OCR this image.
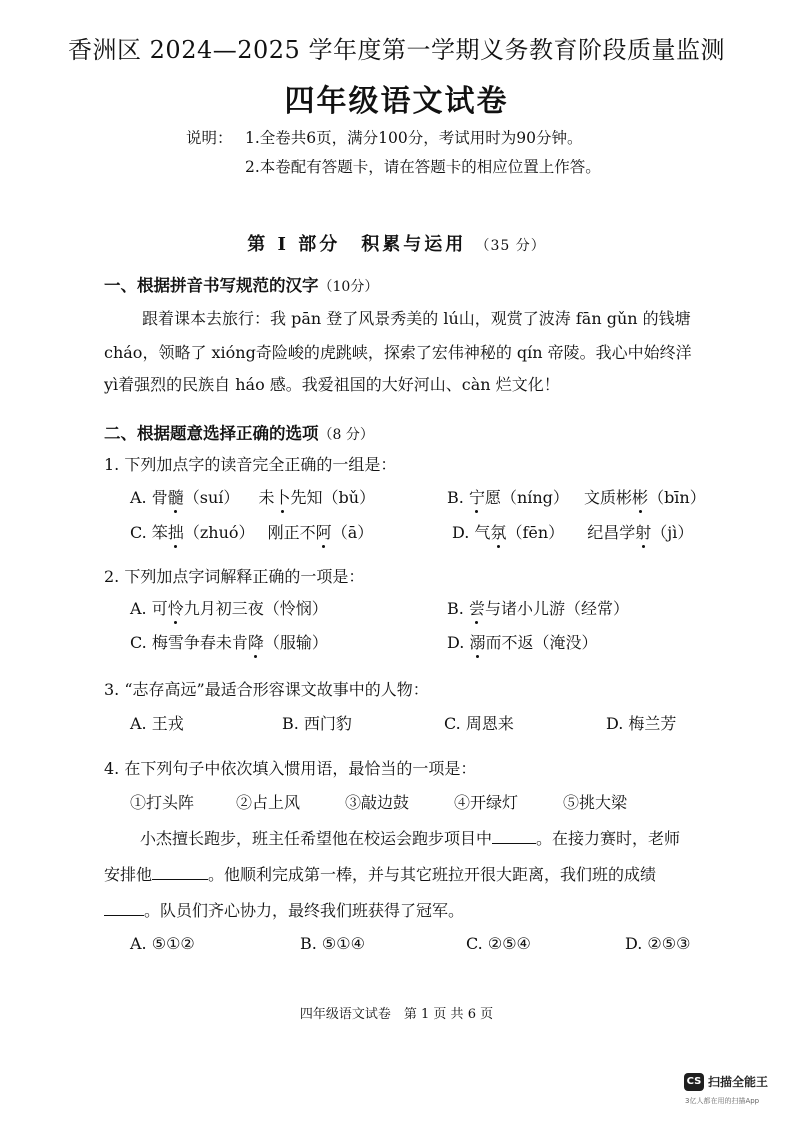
香洲区 2024—2025 学年度第一学期义务教育阶段质量监测
四年级语文试卷
说明： 1.全卷共6页，满分100分，考试用时为90分钟。
2.本卷配有答题卡，请在答题卡的相应位置上作答。
第 Ⅰ 部分　积累与运用 （35 分）
一、根据拼音书写规范的汉字（10分）
跟着课本去旅行：我 pān 登了风景秀美的 lú山，观赏了波涛 fān gǔn 的钱塘
cháo，领略了 xióng奇险峻的虎跳峡，探索了宏伟神秘的 qín 帝陵。我心中始终洋
yì着强烈的民族自 háo 感。我爱祖国的大好河山、càn 烂文化！
二、根据题意选择正确的选项（8 分）
1. 下列加点字的读音完全正确的一组是：
A. 骨髓（suí） 未卜先知（bǔ）	B. 宁愿（níng） 文质彬彬（bīn）
C. 笨拙（zhuó） 刚正不阿（ā）	D. 气氛（fēn） 纪昌学射（jì）
2. 下列加点字词解释正确的一项是：
A. 可怜九月初三夜（怜悯）	B. 尝与诸小儿游（经常）
C. 梅雪争春未肯降（服输）	D. 溺而不返（淹没）
3. “志存高远”最适合形容课文故事中的人物：
A. 王戎	B. 西门豹	C. 周恩来	D. 梅兰芳
4. 在下列句子中依次填入惯用语，最恰当的一项是：
①打头阵	②占上风	③敲边鼓	④开绿灯	⑤挑大梁
小杰擅长跑步，班主任希望他在校运会跑步项目中	。在接力赛时，老师
安排他	。他顺利完成第一棒，并与其它班拉开很大距离，我们班的成绩
。队员们齐心协力，最终我们班获得了冠军。
A. ⑤①②	B. ⑤①④	C. ②⑤④	D. ②⑤③
四年级语文试卷　第 1 页 共 6 页
CS 扫描全能王
3亿人都在用的扫描App
